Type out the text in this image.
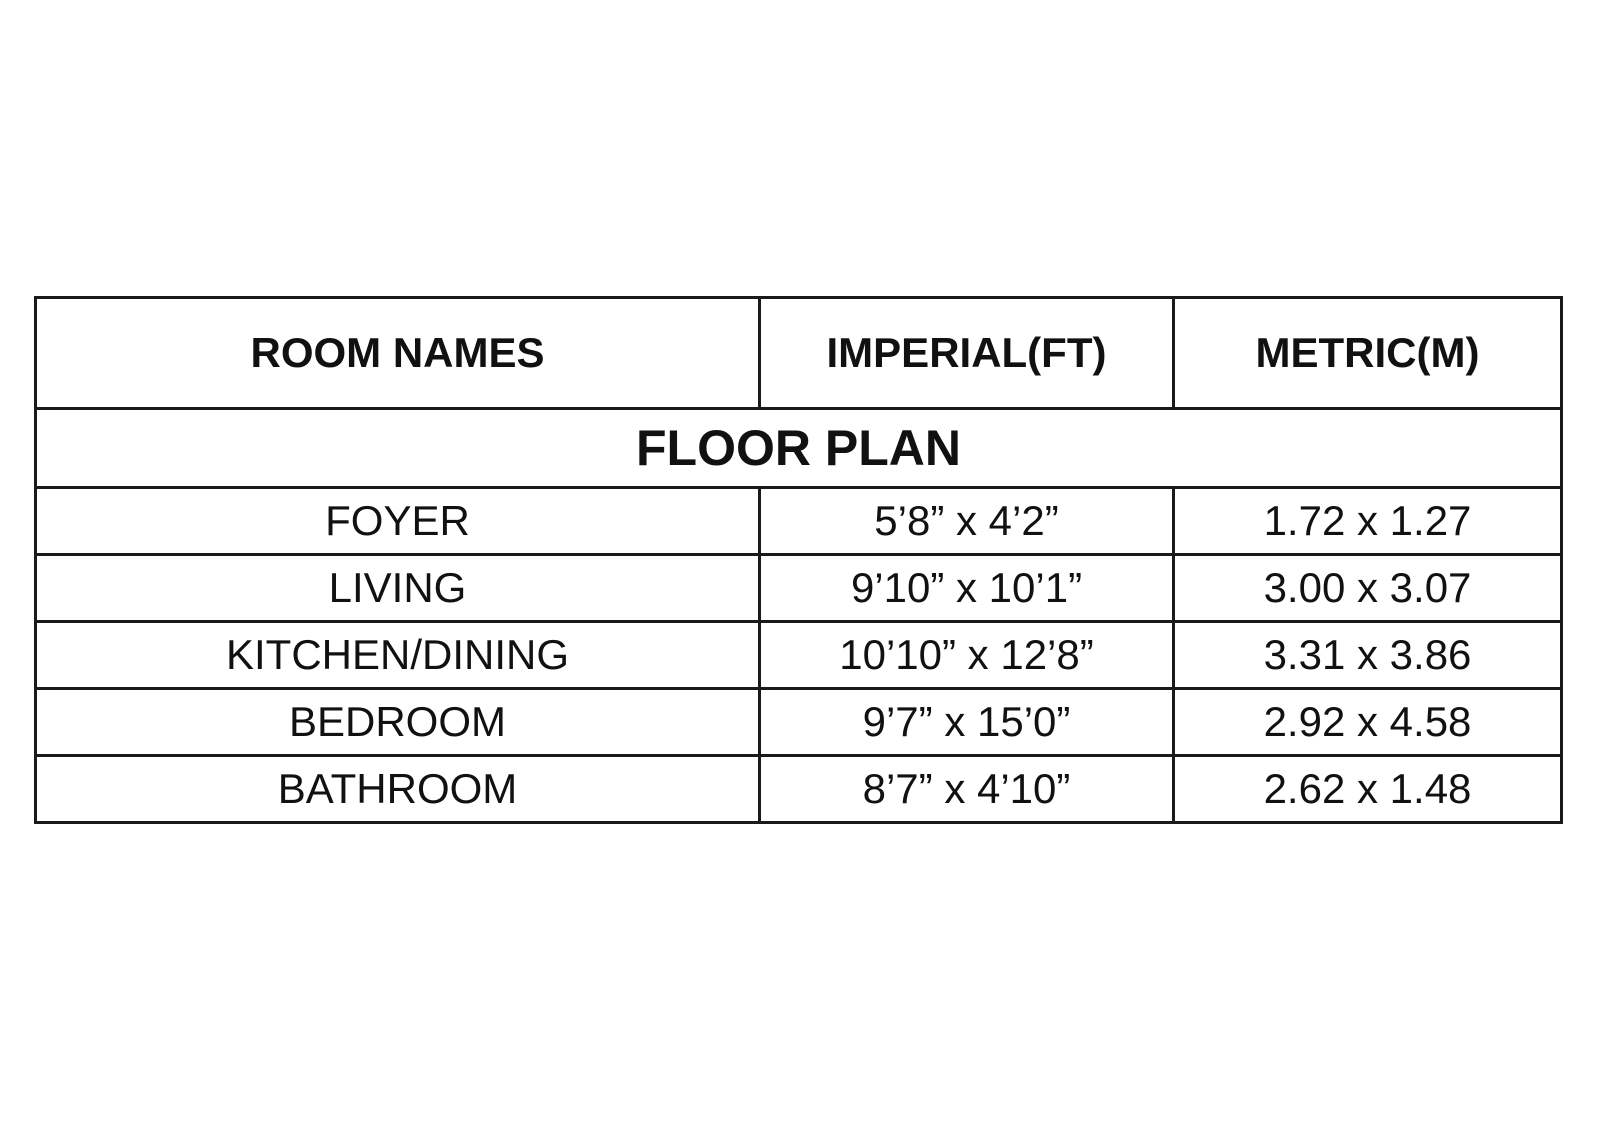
ROOM NAMES	IMPERIAL(FT)	METRIC(M)
FLOOR PLAN		
FOYER	5’8” x 4’2”	1.72 x 1.27
LIVING	9’10” x 10’1”	3.00 x 3.07
KITCHEN/DINING	10’10” x 12’8”	3.31 x 3.86
BEDROOM	9’7” x 15’0”	2.92 x 4.58
BATHROOM	8’7” x 4’10”	2.62 x 1.48
